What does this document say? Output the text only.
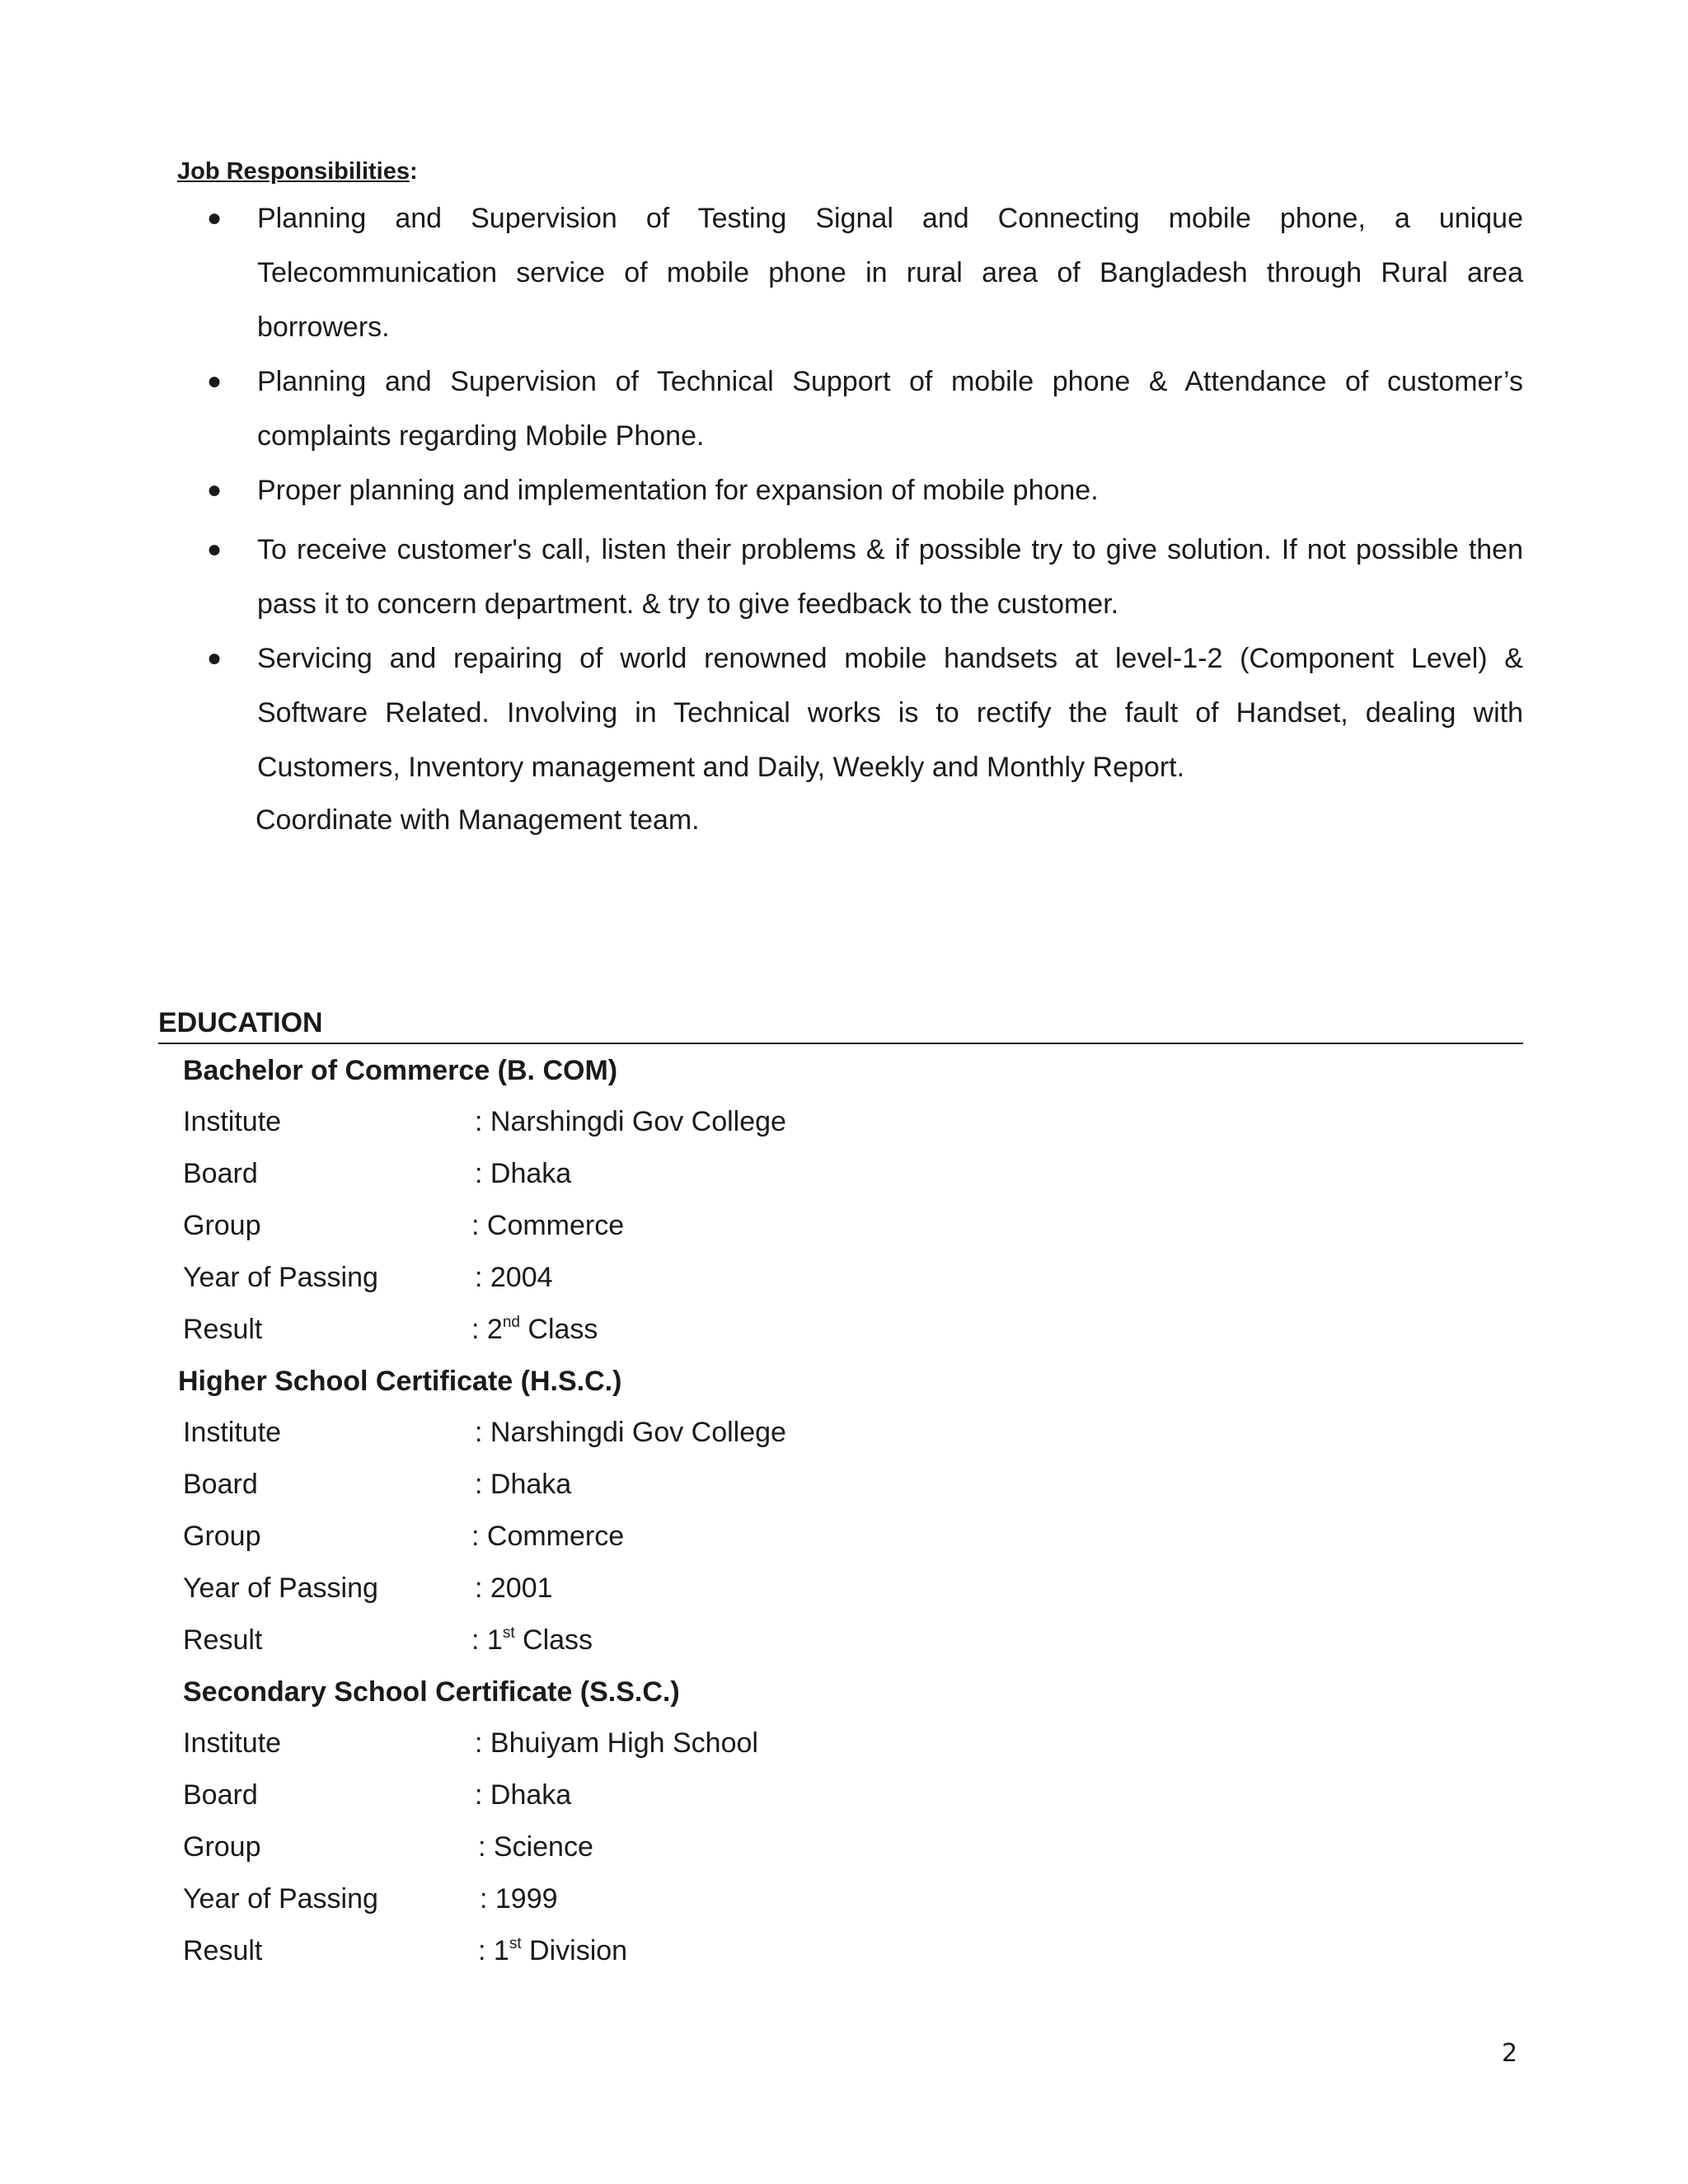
Job Responsibilities:
● Planning and Supervision of Testing Signal and Connecting mobile phone, a unique Telecommunication service of mobile phone in rural area of Bangladesh through Rural area borrowers.
● Planning and Supervision of Technical Support of mobile phone & Attendance of customer’s complaints regarding Mobile Phone.
● Proper planning and implementation for expansion of mobile phone.
● To receive customer's call, listen their problems & if possible try to give solution. If not possible then pass it to concern department. & try to give feedback to the customer.
● Servicing and repairing of world renowned mobile handsets at level-1-2 (Component Level) & Software Related. Involving in Technical works is to rectify the fault of Handset, dealing with Customers, Inventory management and Daily, Weekly and Monthly Report.
Coordinate with Management team.
EDUCATION
Bachelor of Commerce (B. COM)
Institute	: Narshingdi Gov College
Board	: Dhaka
Group	: Commerce
Year of Passing	: 2004
Result	: 2nd Class
Higher School Certificate (H.S.C.)
Institute	: Narshingdi Gov College
Board	: Dhaka
Group	: Commerce
Year of Passing	: 2001
Result	: 1st Class
Secondary School Certificate (S.S.C.)
Institute	: Bhuiyam High School
Board	: Dhaka
Group	: Science
Year of Passing	: 1999
Result	: 1st Division
2
